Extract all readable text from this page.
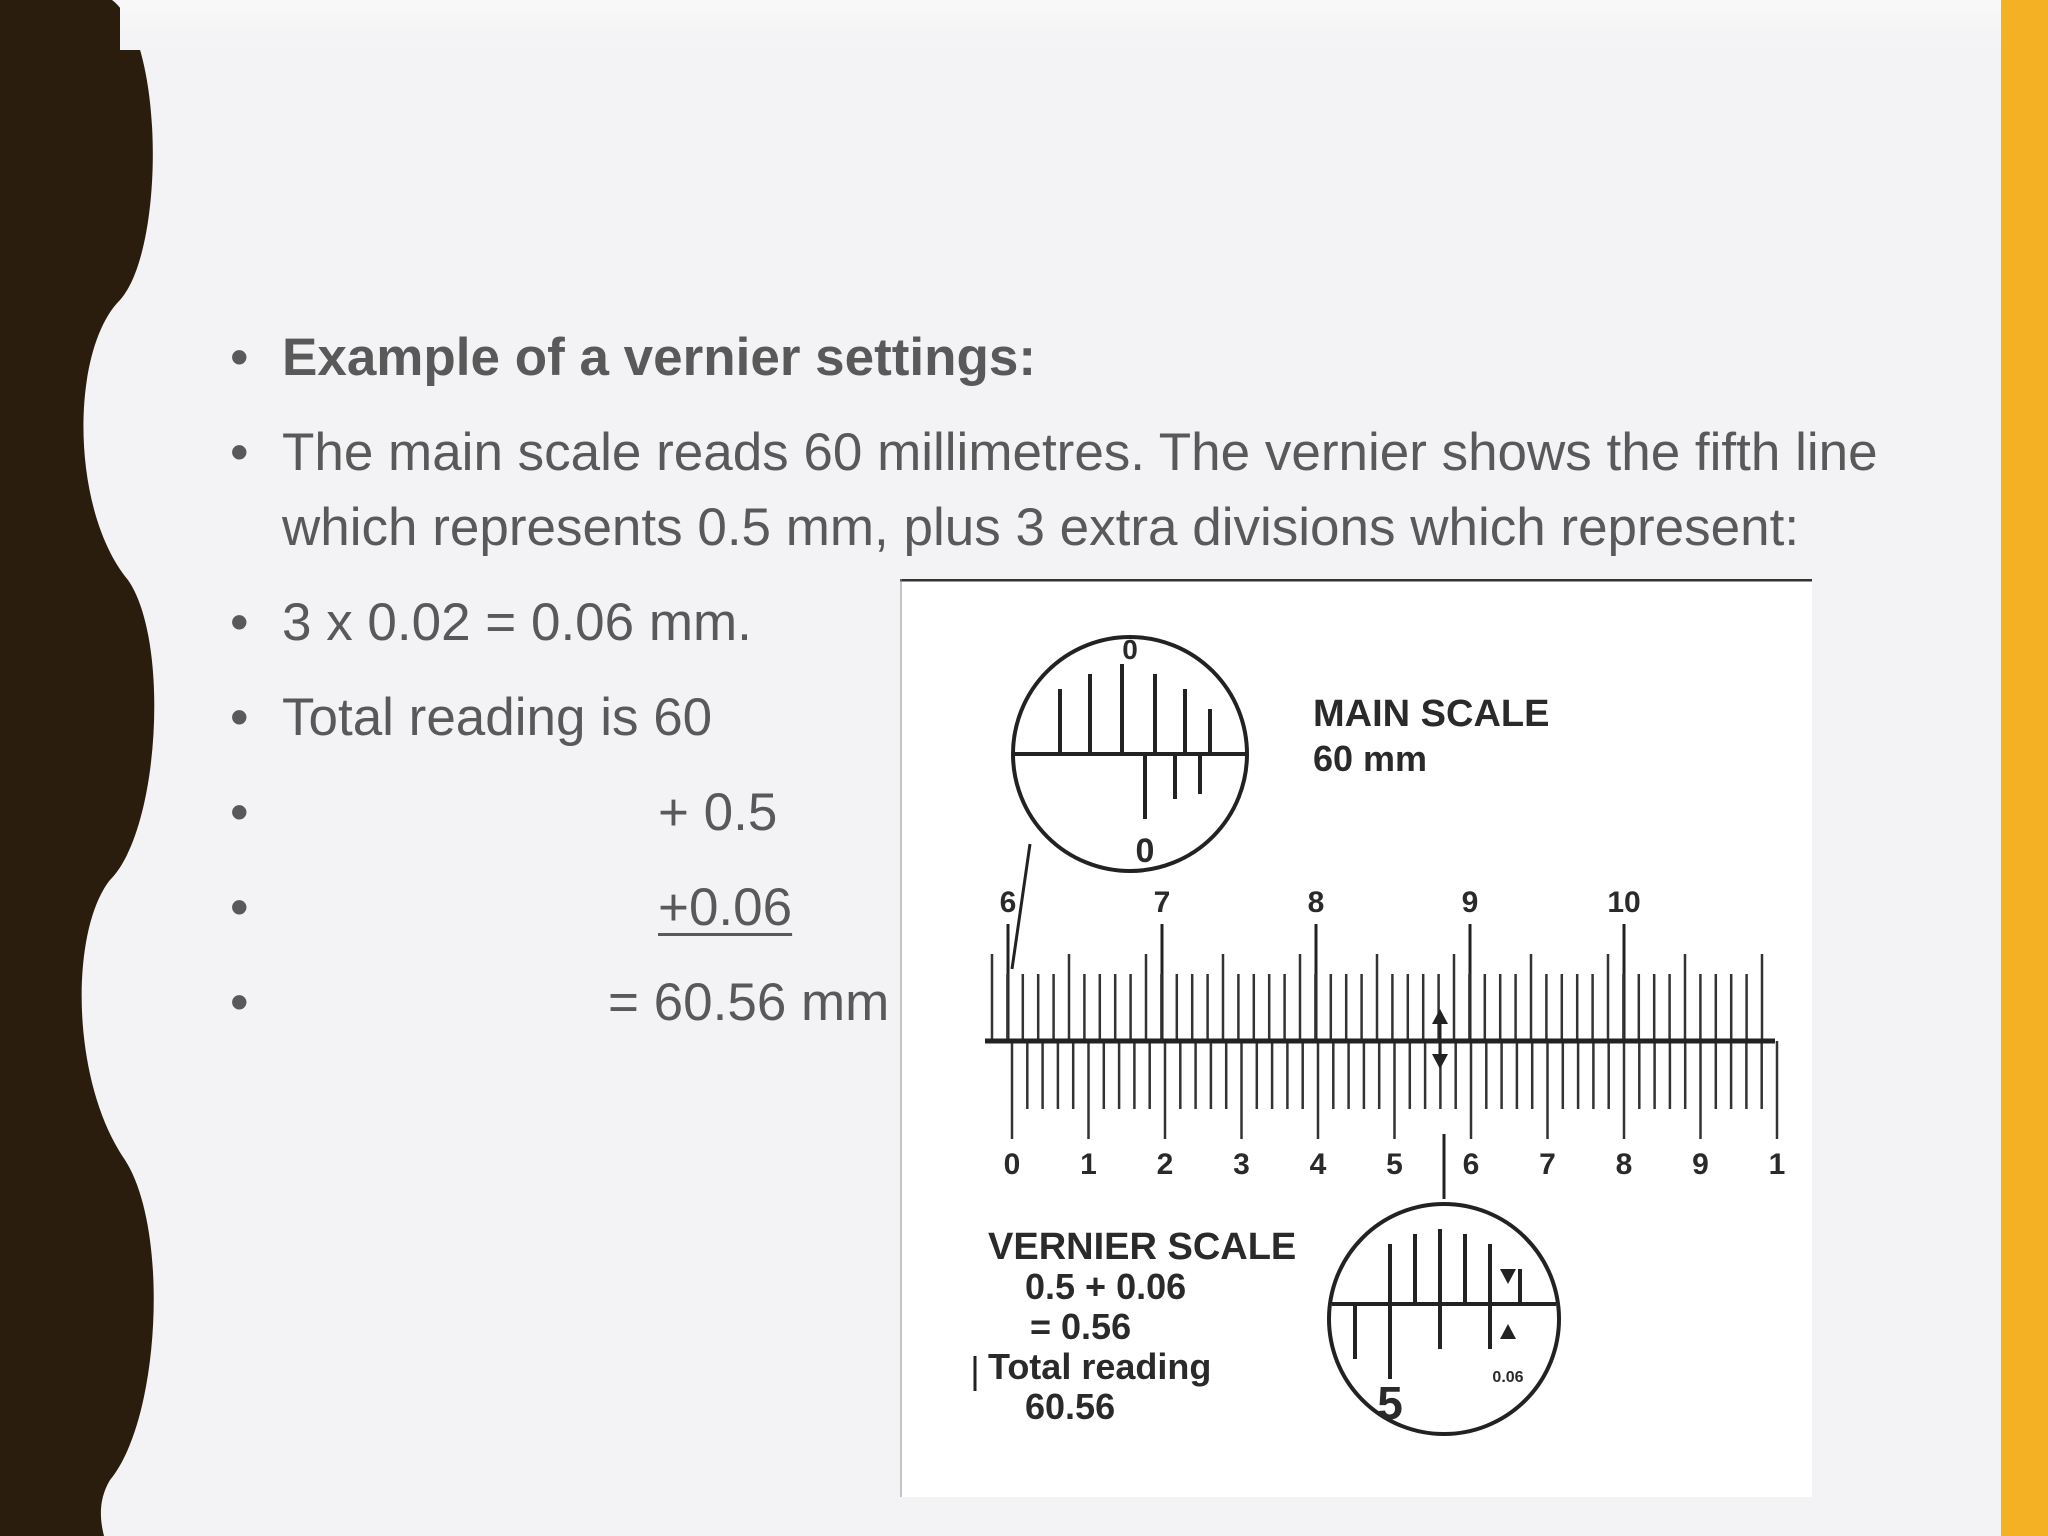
• Example of a vernier settings:
• The main scale reads 60 millimetres. The vernier shows the fifth line which represents 0.5 mm, plus 3 extra divisions which represent:
• 3 x 0.02 = 0.06 mm.
• Total reading is 60
•	+ 0.5
•	+0.06
•	= 60.56 mm
0
0
MAIN SCALE
60 mm
6	7	8	9	10
0 1 2 3 4 5 6 7 8 9 1
5	0.06
VERNIER SCALE
0.5 + 0.06
= 0.56
Total reading
60.56
